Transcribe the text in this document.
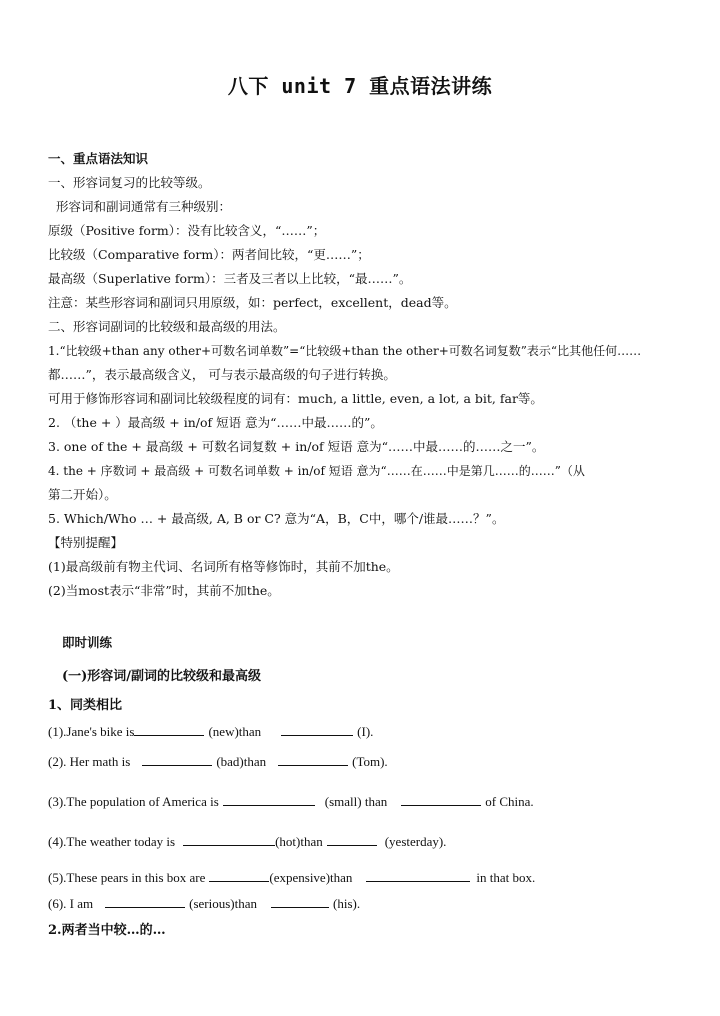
八下 unit 7 重点语法讲练
一、重点语法知识
一、形容词复习的比较等级。
形容词和副词通常有三种级别：
原级（Positive form）：没有比较含义，“……”；
比较级（Comparative form）：两者间比较，“更……”；
最高级（Superlative form）：三者及三者以上比较，“最……”。
注意：某些形容词和副词只用原级，如：perfect，excellent，dead等。
二、形容词副词的比较级和最高级的用法。
1.“比较级+than any other+可数名词单数”=“比较级+than the other+可数名词复数”表示“比其他任何……
都……”，表示最高级含义， 可与表示最高级的句子进行转换。
可用于修饰形容词和副词比较级程度的词有：much, a little, even, a lot, a bit, far等。
2. （the + ）最高级 + in/of 短语 意为“……中最……的”。
3. one of the + 最高级 + 可数名词复数 + in/of 短语 意为“……中最……的……之一”。
4. the + 序数词 + 最高级 + 可数名词单数 + in/of 短语 意为“……在……中是第几……的……”（从
第二开始）。
5. Which/Who … + 最高级, A, B or C? 意为“A，B，C中，哪个/谁最……？”。
【特别提醒】
(1)最高级前有物主代词、名词所有格等修饰时，其前不加the。
(2)当most表示“非常”时，其前不加the。
即时训练
(一)形容词/副词的比较级和最高级
1、同类相比
(1).Jane's bike is	(new)than	(I).
(2). Her math is	(bad)than	(Tom).
(3).The population of America is	(small) than	of China.
(4).The weather today is	(hot)than	(yesterday).
(5).These pears in this box are	(expensive)than	in that box.
(6). I am	(serious)than	(his).
2.两者当中较…的…
